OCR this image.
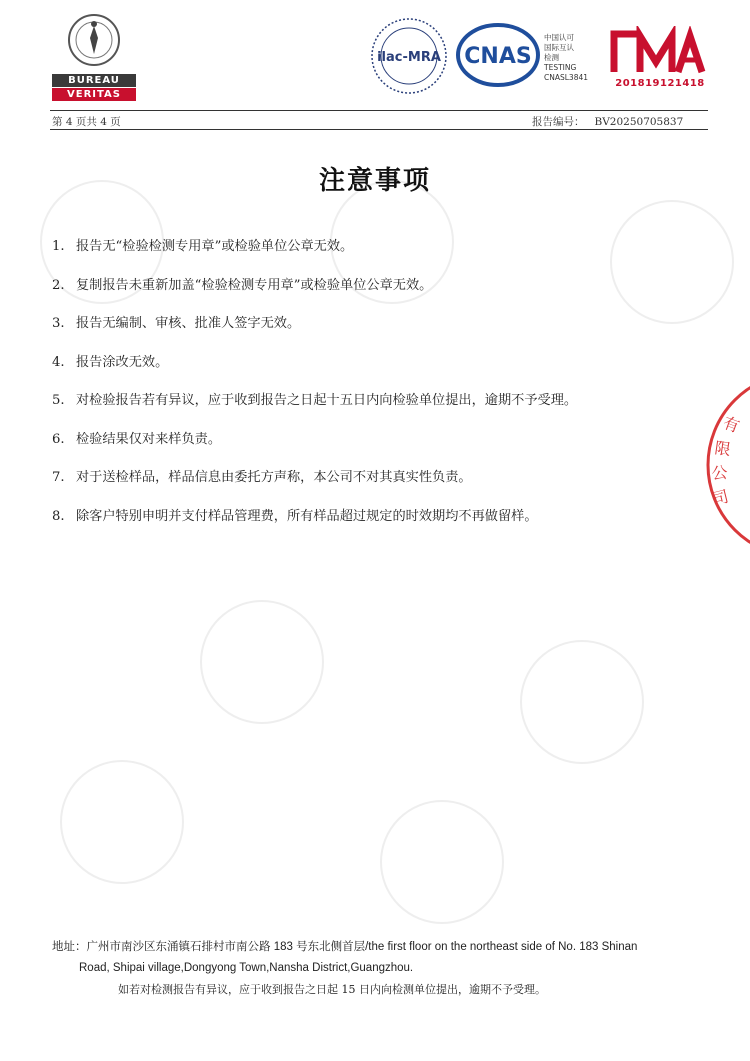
BUREAU
VERITAS
ilac-MRA CNAS
中国认可
国际互认
检测
TESTING
CNASL3841
201819121418
第 4 页共 4 页	报告编号： BV20250705837
注意事项
1. 报告无“检验检测专用章”或检验单位公章无效。
2. 复制报告未重新加盖“检验检测专用章”或检验单位公章无效。
3. 报告无编制、审核、批准人签字无效。
4. 报告涂改无效。
5. 对检验报告若有异议，应于收到报告之日起十五日内向检验单位提出，逾期不予受理。
6. 检验结果仅对来样负责。
7. 对于送检样品，样品信息由委托方声称，本公司不对其真实性负责。
8. 除客户特别申明并支付样品管理费，所有样品超过规定的时效期均不再做留样。
有
限
公
司
地址：广州市南沙区东涌镇石排村市南公路 183 号东北侧首层/the first floor on the northeast side of No. 183 Shinan
Road, Shipai village,Dongyong Town,Nansha District,Guangzhou.
如若对检测报告有异议，应于收到报告之日起 15 日内向检测单位提出，逾期不予受理。
